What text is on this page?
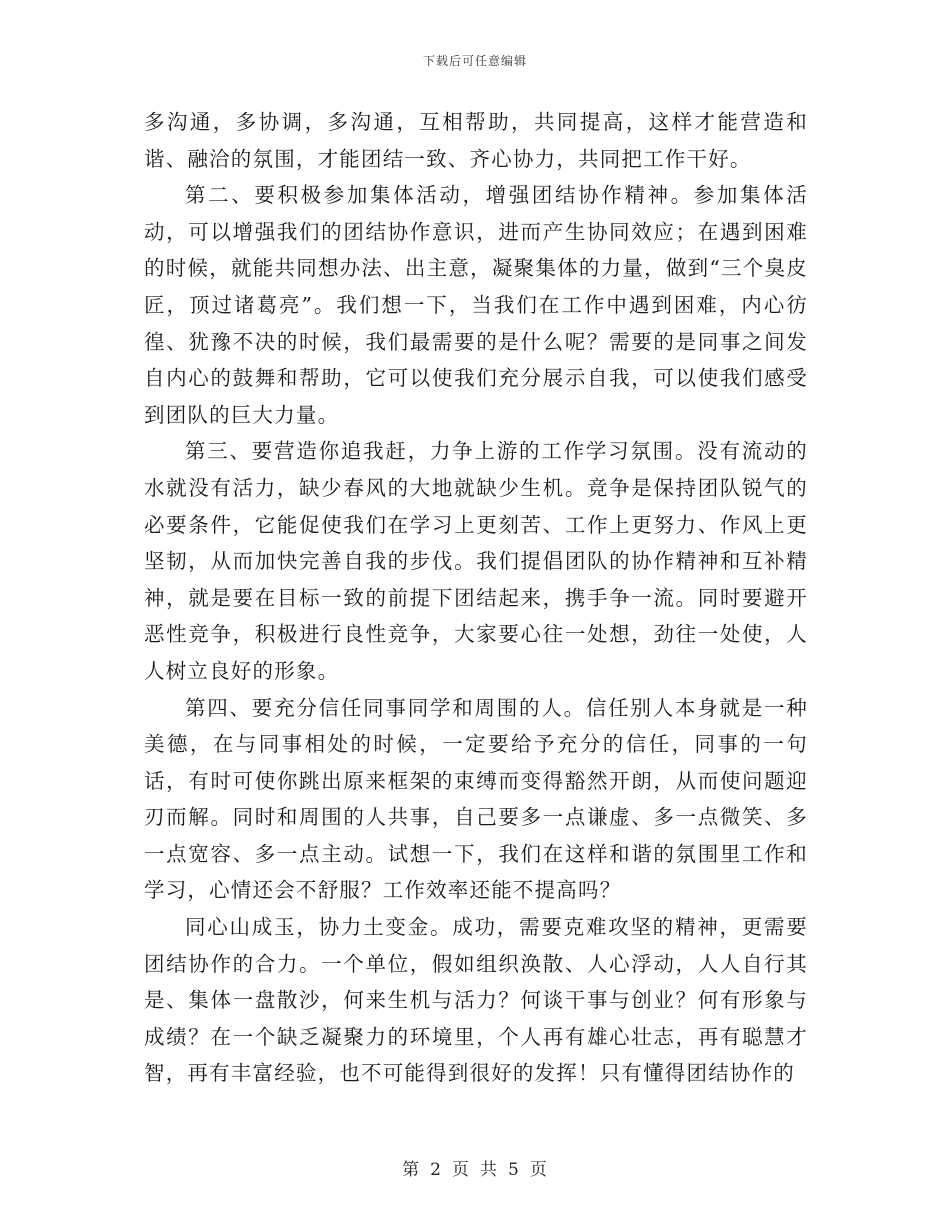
下载后可任意编辑

多沟通，多协调，多沟通，互相帮助，共同提高，这样才能营造和谐、融洽的氛围，才能团结一致、齐心协力，共同把工作干好。

第二、要积极参加集体活动，增强团结协作精神。参加集体活动，可以增强我们的团结协作意识，进而产生协同效应；在遇到困难的时候，就能共同想办法、出主意，凝聚集体的力量，做到“三个臭皮匠，顶过诸葛亮”。我们想一下，当我们在工作中遇到困难，内心彷徨、犹豫不决的时候，我们最需要的是什么呢？需要的是同事之间发自内心的鼓舞和帮助，它可以使我们充分展示自我，可以使我们感受到团队的巨大力量。

第三、要营造你追我赶，力争上游的工作学习氛围。没有流动的水就没有活力，缺少春风的大地就缺少生机。竞争是保持团队锐气的必要条件，它能促使我们在学习上更刻苦、工作上更努力、作风上更坚韧，从而加快完善自我的步伐。我们提倡团队的协作精神和互补精神，就是要在目标一致的前提下团结起来，携手争一流。同时要避开恶性竞争，积极进行良性竞争，大家要心往一处想，劲往一处使，人人树立良好的形象。

第四、要充分信任同事同学和周围的人。信任别人本身就是一种美德，在与同事相处的时候，一定要给予充分的信任，同事的一句话，有时可使你跳出原来框架的束缚而变得豁然开朗，从而使问题迎刃而解。同时和周围的人共事，自己要多一点谦虚、多一点微笑、多一点宽容、多一点主动。试想一下，我们在这样和谐的氛围里工作和学习，心情还会不舒服？工作效率还能不提高吗？

同心山成玉，协力土变金。成功，需要克难攻坚的精神，更需要团结协作的合力。一个单位，假如组织涣散、人心浮动，人人自行其是、集体一盘散沙，何来生机与活力？何谈干事与创业？何有形象与成绩？在一个缺乏凝聚力的环境里，个人再有雄心壮志，再有聪慧才智，再有丰富经验，也不可能得到很好的发挥！只有懂得团结协作的

第 2 页 共 5 页
